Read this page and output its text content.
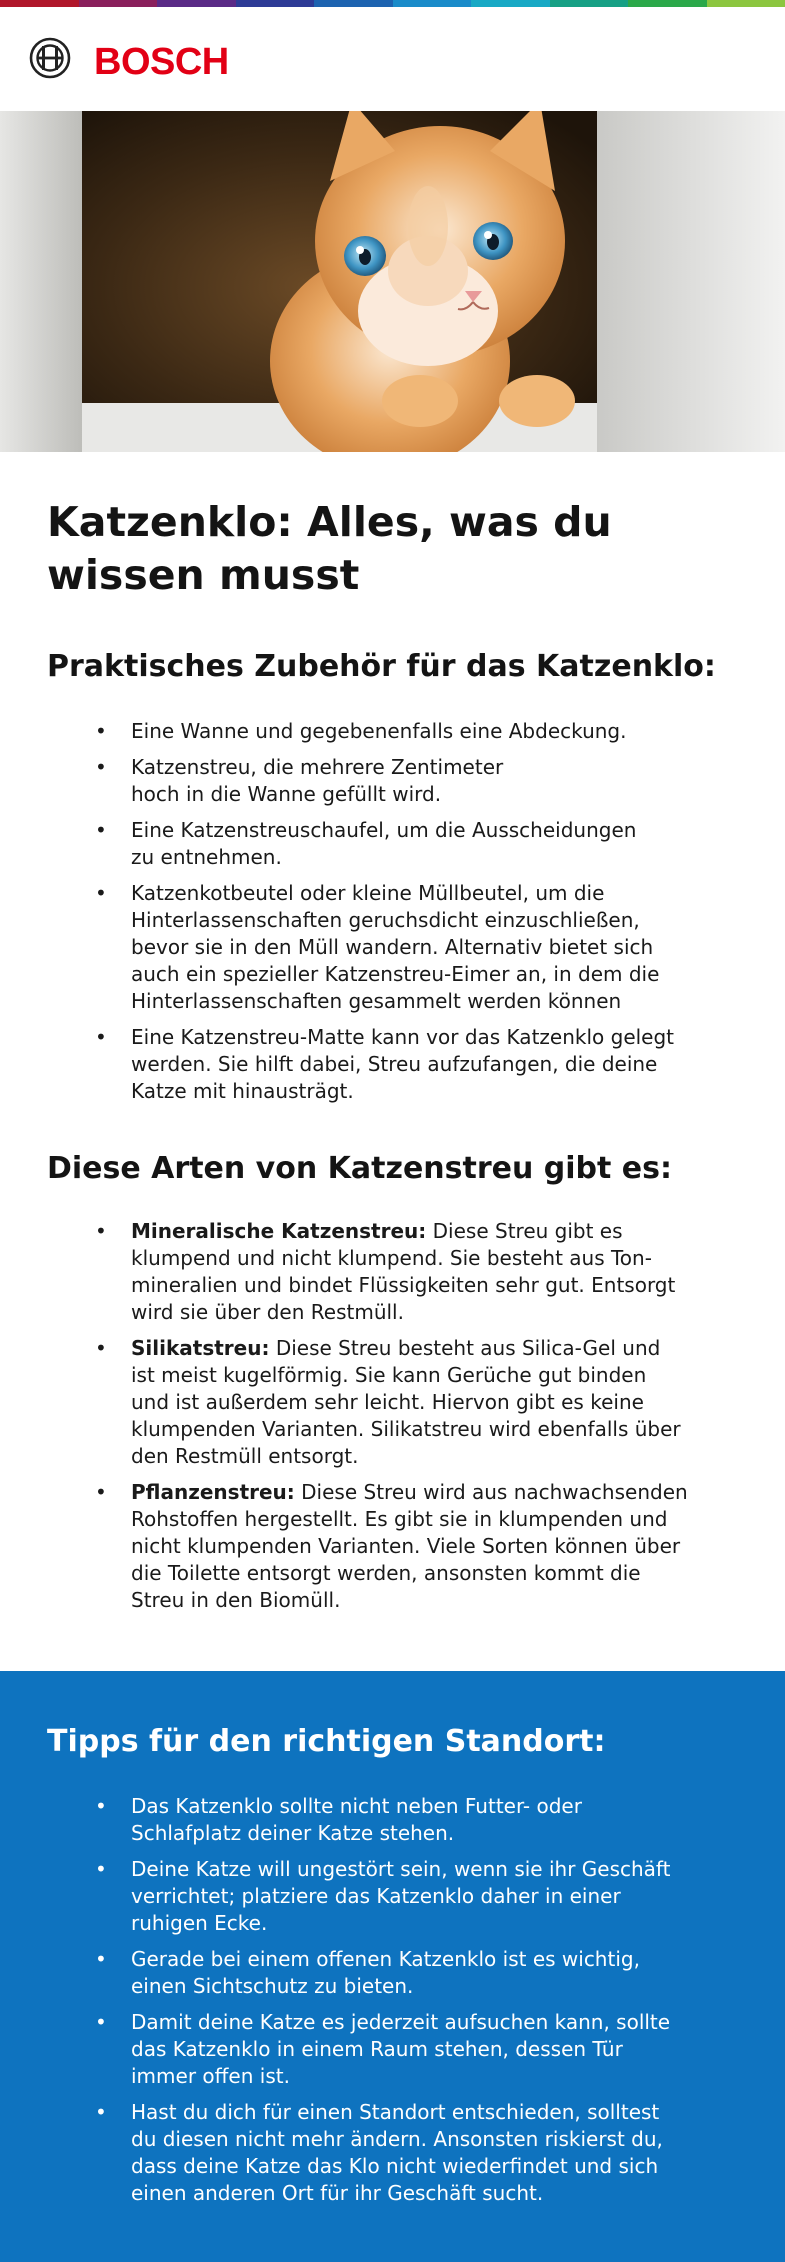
BOSCH
Katzenklo: Alles, was du wissen musst
Praktisches Zubehör für das Katzenklo:
• Eine Wanne und gegebenenfalls eine Abdeckung.
• Katzenstreu, die mehrere Zentimeter hoch in die Wanne gefüllt wird.
• Eine Katzenstreuschaufel, um die Ausscheidungen zu entnehmen.
• Katzenkotbeutel oder kleine Müllbeutel, um die Hinterlassenschaften geruchsdicht einzuschließen, bevor sie in den Müll wandern. Alternativ bietet sich auch ein spezieller Katzenstreu-Eimer an, in dem die Hinterlassenschaften gesammelt werden können
• Eine Katzenstreu-Matte kann vor das Katzenklo gelegt werden. Sie hilft dabei, Streu aufzufangen, die deine Katze mit hinausträgt.
Diese Arten von Katzenstreu gibt es:
• Mineralische Katzenstreu: Diese Streu gibt es klumpend und nicht klumpend. Sie besteht aus Tonmineralien und bindet Flüssigkeiten sehr gut. Entsorgt wird sie über den Restmüll.
• Silikatstreu: Diese Streu besteht aus Silica-Gel und ist meist kugelförmig. Sie kann Gerüche gut binden und ist außerdem sehr leicht. Hiervon gibt es keine klumpenden Varianten. Silikatstreu wird ebenfalls über den Restmüll entsorgt.
• Pflanzenstreu: Diese Streu wird aus nachwachsenden Rohstoffen hergestellt. Es gibt sie in klumpenden und nicht klumpenden Varianten. Viele Sorten können über die Toilette entsorgt werden, ansonsten kommt die Streu in den Biomüll.
Tipps für den richtigen Standort:
• Das Katzenklo sollte nicht neben Futter- oder Schlafplatz deiner Katze stehen.
• Deine Katze will ungestört sein, wenn sie ihr Geschäft verrichtet; platziere das Katzenklo daher in einer ruhigen Ecke.
• Gerade bei einem offenen Katzenklo ist es wichtig, einen Sichtschutz zu bieten.
• Damit deine Katze es jederzeit aufsuchen kann, sollte das Katzenklo in einem Raum stehen, dessen Tür immer offen ist.
• Hast du dich für einen Standort entschieden, solltest du diesen nicht mehr ändern. Ansonsten riskierst du, dass deine Katze das Klo nicht wiederfindet und sich einen anderen Ort für ihr Geschäft sucht.
